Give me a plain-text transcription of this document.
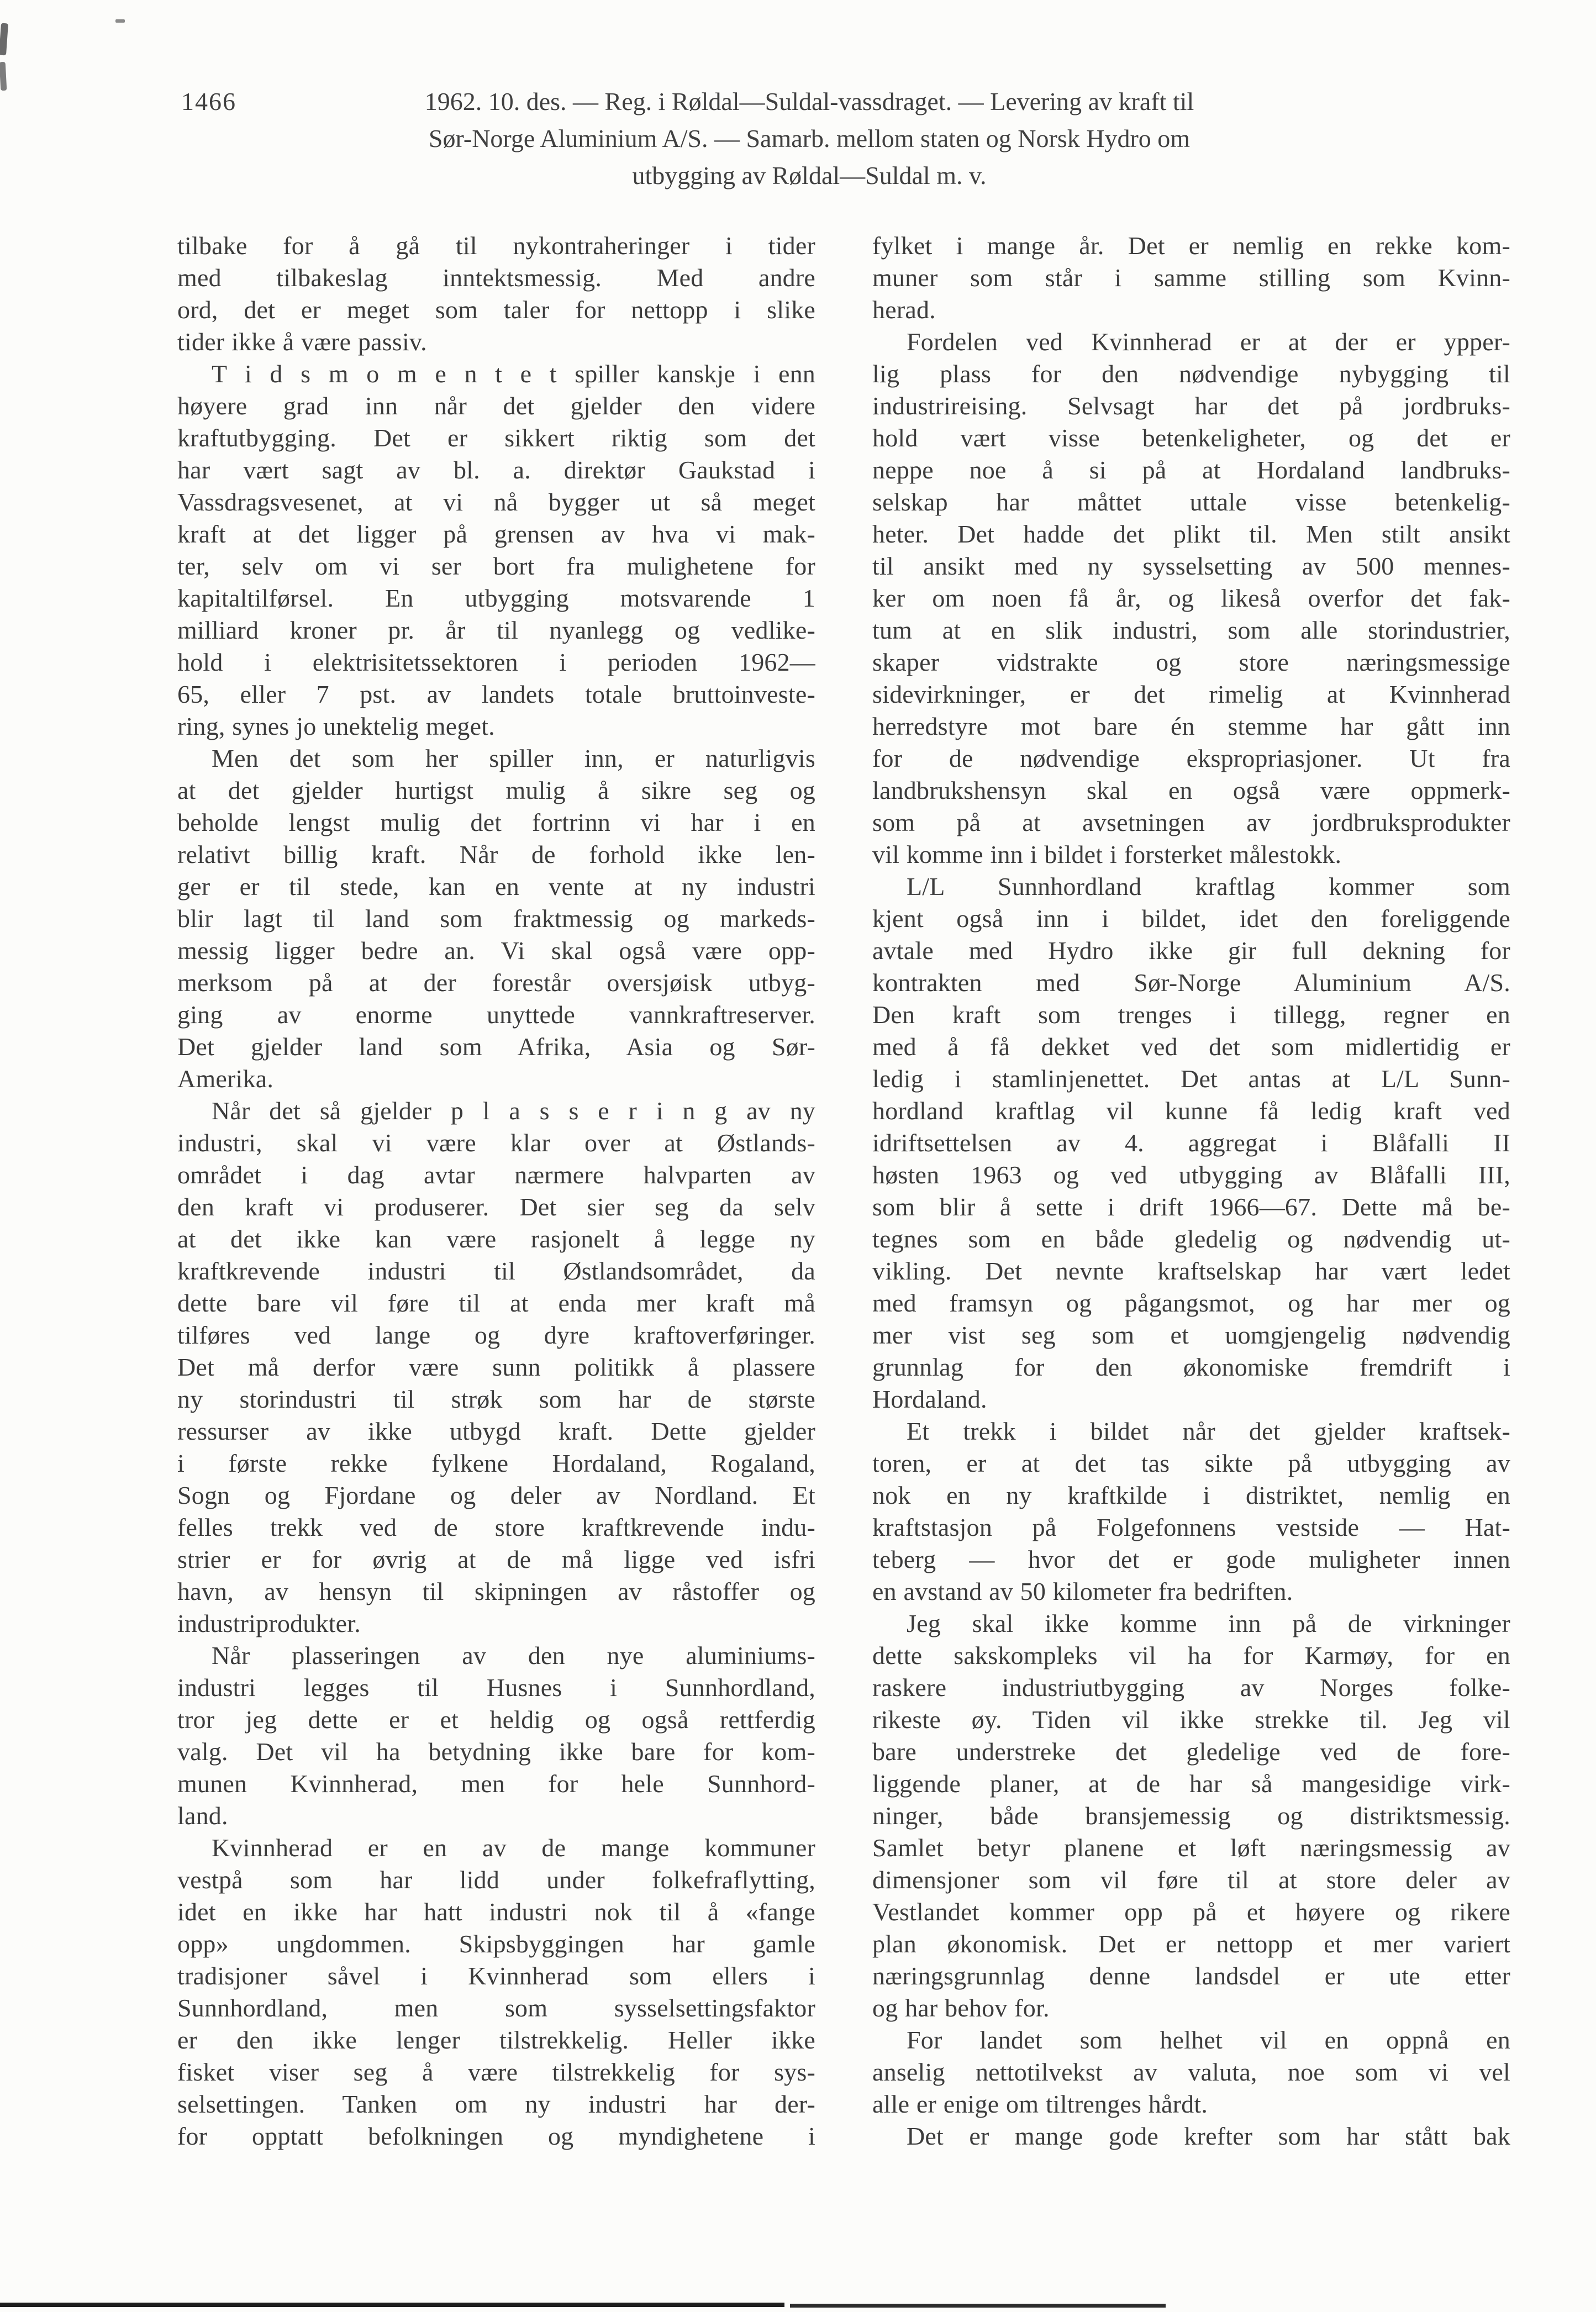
1466	1962. 10. des. — Reg. i Røldal—Suldal-vassdraget. — Levering av kraft til
Sør-Norge Aluminium A/S. — Samarb. mellom staten og Norsk Hydro om
utbygging av Røldal—Suldal m. v.
tilbake for å gå til nykontraheringer i tider
med tilbakeslag inntektsmessig. Med andre
ord, det er meget som taler for nettopp i slike
tider ikke å være passiv.
T i d s m o m e n t e t spiller kanskje i enn
høyere grad inn når det gjelder den videre
kraftutbygging. Det er sikkert riktig som det
har vært sagt av bl. a. direktør Gaukstad i
Vassdragsvesenet, at vi nå bygger ut så meget
kraft at det ligger på grensen av hva vi mak-
ter, selv om vi ser bort fra mulighetene for
kapitaltilførsel. En utbygging motsvarende 1
milliard kroner pr. år til nyanlegg og vedlike-
hold i elektrisitetssektoren i perioden 1962—
65, eller 7 pst. av landets totale bruttoinveste-
ring, synes jo unektelig meget.
Men det som her spiller inn, er naturligvis
at det gjelder hurtigst mulig å sikre seg og
beholde lengst mulig det fortrinn vi har i en
relativt billig kraft. Når de forhold ikke len-
ger er til stede, kan en vente at ny industri
blir lagt til land som fraktmessig og markeds-
messig ligger bedre an. Vi skal også være opp-
merksom på at der forestår oversjøisk utbyg-
ging av enorme unyttede vannkraftreserver.
Det gjelder land som Afrika, Asia og Sør-
Amerika.
Når det så gjelder p l a s s e r i n g av ny
industri, skal vi være klar over at Østlands-
området i dag avtar nærmere halvparten av
den kraft vi produserer. Det sier seg da selv
at det ikke kan være rasjonelt å legge ny
kraftkrevende industri til Østlandsområdet, da
dette bare vil føre til at enda mer kraft må
tilføres ved lange og dyre kraftoverføringer.
Det må derfor være sunn politikk å plassere
ny storindustri til strøk som har de største
ressurser av ikke utbygd kraft. Dette gjelder
i første rekke fylkene Hordaland, Rogaland,
Sogn og Fjordane og deler av Nordland. Et
felles trekk ved de store kraftkrevende indu-
strier er for øvrig at de må ligge ved isfri
havn, av hensyn til skipningen av råstoffer og
industriprodukter.
Når plasseringen av den nye aluminiums-
industri legges til Husnes i Sunnhordland,
tror jeg dette er et heldig og også rettferdig
valg. Det vil ha betydning ikke bare for kom-
munen Kvinnherad, men for hele Sunnhord-
land.
Kvinnherad er en av de mange kommuner
vestpå som har lidd under folkefraflytting,
idet en ikke har hatt industri nok til å «fange
opp» ungdommen. Skipsbyggingen har gamle
tradisjoner såvel i Kvinnherad som ellers i
Sunnhordland, men som sysselsettingsfaktor
er den ikke lenger tilstrekkelig. Heller ikke
fisket viser seg å være tilstrekkelig for sys-
selsettingen. Tanken om ny industri har der-
for opptatt befolkningen og myndighetene i
fylket i mange år. Det er nemlig en rekke kom-
muner som står i samme stilling som Kvinn-
herad.
Fordelen ved Kvinnherad er at der er ypper-
lig plass for den nødvendige nybygging til
industrireising. Selvsagt har det på jordbruks-
hold vært visse betenkeligheter, og det er
neppe noe å si på at Hordaland landbruks-
selskap har måttet uttale visse betenkelig-
heter. Det hadde det plikt til. Men stilt ansikt
til ansikt med ny sysselsetting av 500 mennes-
ker om noen få år, og likeså overfor det fak-
tum at en slik industri, som alle storindustrier,
skaper vidstrakte og store næringsmessige
sidevirkninger, er det rimelig at Kvinnherad
herredstyre mot bare én stemme har gått inn
for de nødvendige ekspropriasjoner. Ut fra
landbrukshensyn skal en også være oppmerk-
som på at avsetningen av jordbruksprodukter
vil komme inn i bildet i forsterket målestokk.
L/L Sunnhordland kraftlag kommer som
kjent også inn i bildet, idet den foreliggende
avtale med Hydro ikke gir full dekning for
kontrakten med Sør-Norge Aluminium A/S.
Den kraft som trenges i tillegg, regner en
med å få dekket ved det som midlertidig er
ledig i stamlinjenettet. Det antas at L/L Sunn-
hordland kraftlag vil kunne få ledig kraft ved
idriftsettelsen av 4. aggregat i Blåfalli II
høsten 1963 og ved utbygging av Blåfalli III,
som blir å sette i drift 1966—67. Dette må be-
tegnes som en både gledelig og nødvendig ut-
vikling. Det nevnte kraftselskap har vært ledet
med framsyn og pågangsmot, og har mer og
mer vist seg som et uomgjengelig nødvendig
grunnlag for den økonomiske fremdrift i
Hordaland.
Et trekk i bildet når det gjelder kraftsek-
toren, er at det tas sikte på utbygging av
nok en ny kraftkilde i distriktet, nemlig en
kraftstasjon på Folgefonnens vestside — Hat-
teberg — hvor det er gode muligheter innen
en avstand av 50 kilometer fra bedriften.
Jeg skal ikke komme inn på de virkninger
dette sakskompleks vil ha for Karmøy, for en
raskere industriutbygging av Norges folke-
rikeste øy. Tiden vil ikke strekke til. Jeg vil
bare understreke det gledelige ved de fore-
liggende planer, at de har så mangesidige virk-
ninger, både bransjemessig og distriktsmessig.
Samlet betyr planene et løft næringsmessig av
dimensjoner som vil føre til at store deler av
Vestlandet kommer opp på et høyere og rikere
plan økonomisk. Det er nettopp et mer variert
næringsgrunnlag denne landsdel er ute etter
og har behov for.
For landet som helhet vil en oppnå en
anselig nettotilvekst av valuta, noe som vi vel
alle er enige om tiltrenges hårdt.
Det er mange gode krefter som har stått bak
